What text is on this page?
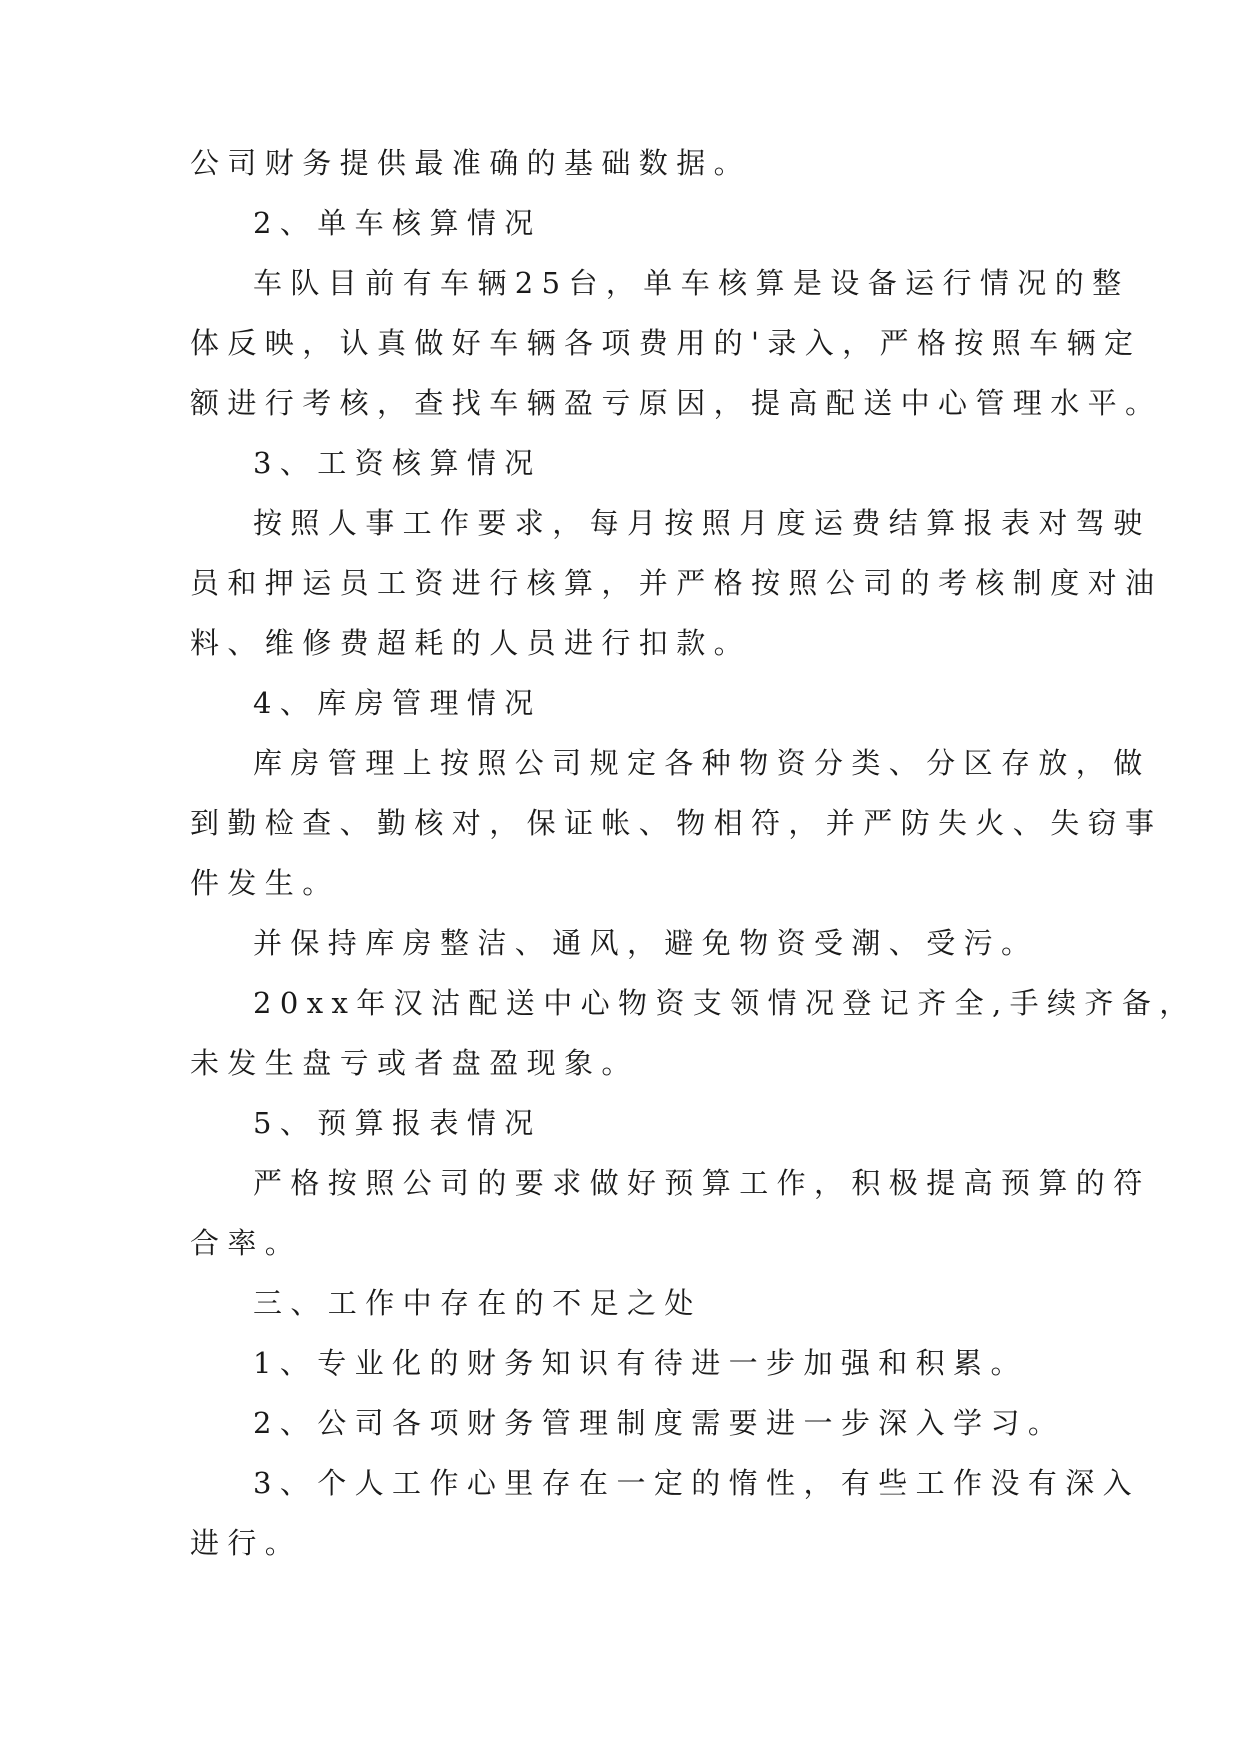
公司财务提供最准确的基础数据。
2、单车核算情况
车队目前有车辆25台，单车核算是设备运行情况的整
体反映，认真做好车辆各项费用的'录入，严格按照车辆定
额进行考核，查找车辆盈亏原因，提高配送中心管理水平。
3、工资核算情况
按照人事工作要求，每月按照月度运费结算报表对驾驶
员和押运员工资进行核算，并严格按照公司的考核制度对油
料、维修费超耗的人员进行扣款。
4、库房管理情况
库房管理上按照公司规定各种物资分类、分区存放，做
到勤检查、勤核对，保证帐、物相符，并严防失火、失窃事
件发生。
并保持库房整洁、通风，避免物资受潮、受污。
20xx年汉沽配送中心物资支领情况登记齐全,手续齐备，
未发生盘亏或者盘盈现象。
5、预算报表情况
严格按照公司的要求做好预算工作，积极提高预算的符
合率。
三、工作中存在的不足之处
1、专业化的财务知识有待进一步加强和积累。
2、公司各项财务管理制度需要进一步深入学习。
3、个人工作心里存在一定的惰性，有些工作没有深入
进行。
